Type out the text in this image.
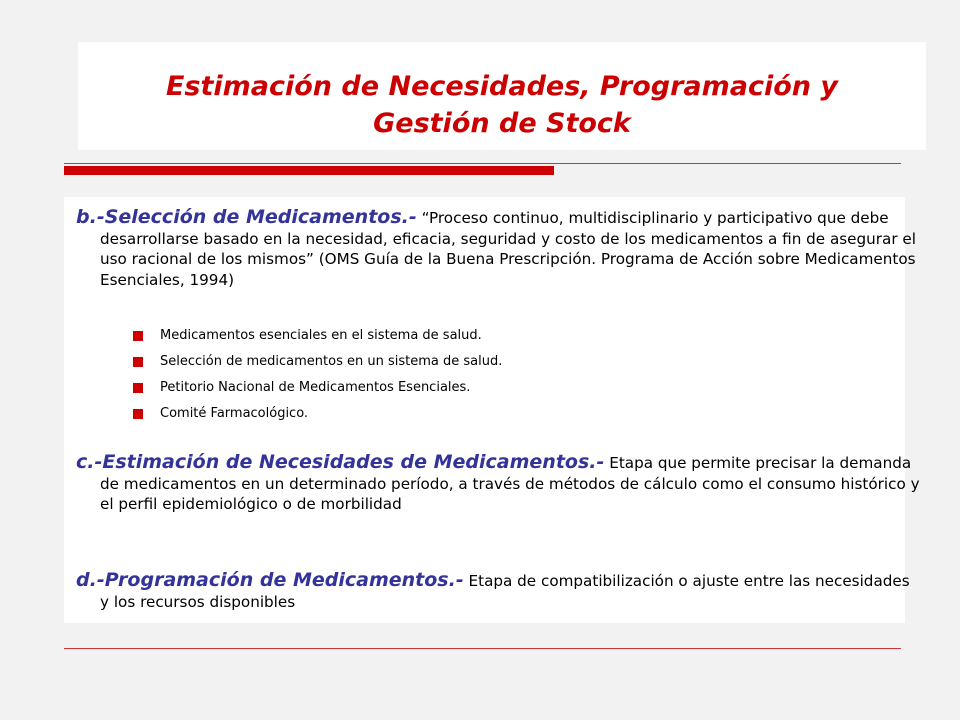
Estimación de Necesidades, Programación y
Gestión de Stock
b.-Selección de Medicamentos.- “Proceso continuo, multidisciplinario y participativo que debe desarrollarse basado en la necesidad, eficacia, seguridad y costo de los medicamentos a fin de asegurar el uso racional de los mismos” (OMS Guía de la Buena Prescripción. Programa de Acción sobre Medicamentos Esenciales, 1994)
Medicamentos esenciales en el sistema de salud.
Selección de medicamentos en un sistema de salud.
Petitorio Nacional de Medicamentos Esenciales.
Comité Farmacológico.
c.-Estimación de Necesidades de Medicamentos.- Etapa que permite precisar la demanda de medicamentos en un determinado período, a través de métodos de cálculo como el consumo histórico y el perfil epidemiológico o de morbilidad
d.-Programación de Medicamentos.- Etapa de compatibilización o ajuste entre las necesidades y los recursos disponibles
